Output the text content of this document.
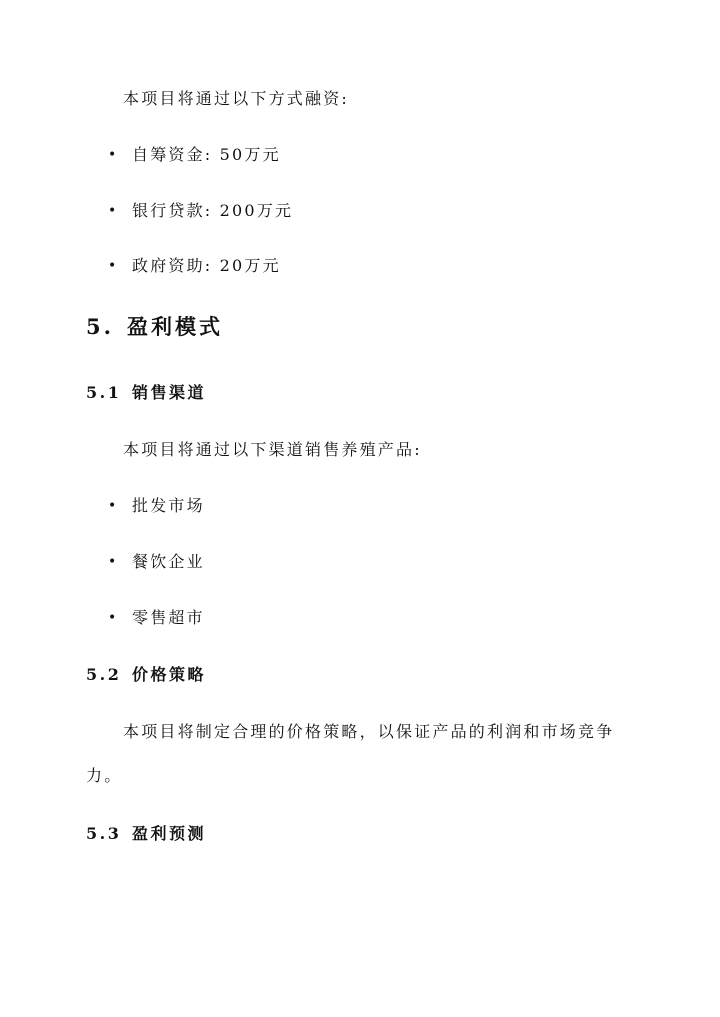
本项目将通过以下方式融资:
• 自筹资金: 50万元
• 银行贷款: 200万元
• 政府资助: 20万元
5. 盈利模式
5.1 销售渠道
本项目将通过以下渠道销售养殖产品:
• 批发市场
• 餐饮企业
• 零售超市
5.2 价格策略
本项目将制定合理的价格策略，以保证产品的利润和市场竞争
力。
5.3 盈利预测
